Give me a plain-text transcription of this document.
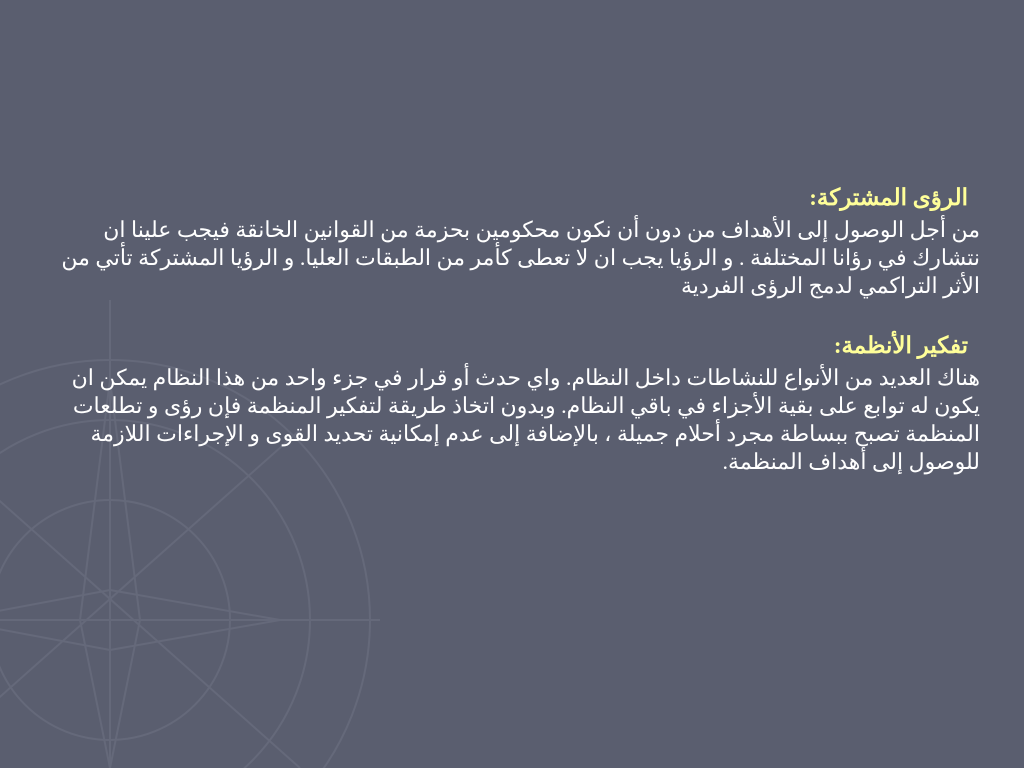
الرؤى المشتركة:

من أجل الوصول إلى الأهداف من دون أن نكون محكومين بحزمة من القوانين الخانقة فيجب علينا ان نتشارك في رؤانا المختلفة . و الرؤيا يجب ان لا تعطى كأمر من الطبقات العليا. و الرؤيا المشتركة تأتي من الأثر التراكمي لدمج الرؤى الفردية

تفكير الأنظمة:

هناك العديد من الأنواع للنشاطات داخل النظام. واي حدث أو قرار في جزء واحد من هذا النظام يمكن ان يكون له توابع على بقية الأجزاء في باقي النظام. وبدون اتخاذ طريقة لتفكير المنظمة فإن رؤى و تطلعات المنظمة تصبح ببساطة مجرد أحلام جميلة ، بالإضافة إلى عدم إمكانية تحديد القوى و الإجراءات اللازمة للوصول إلى أهداف المنظمة.
